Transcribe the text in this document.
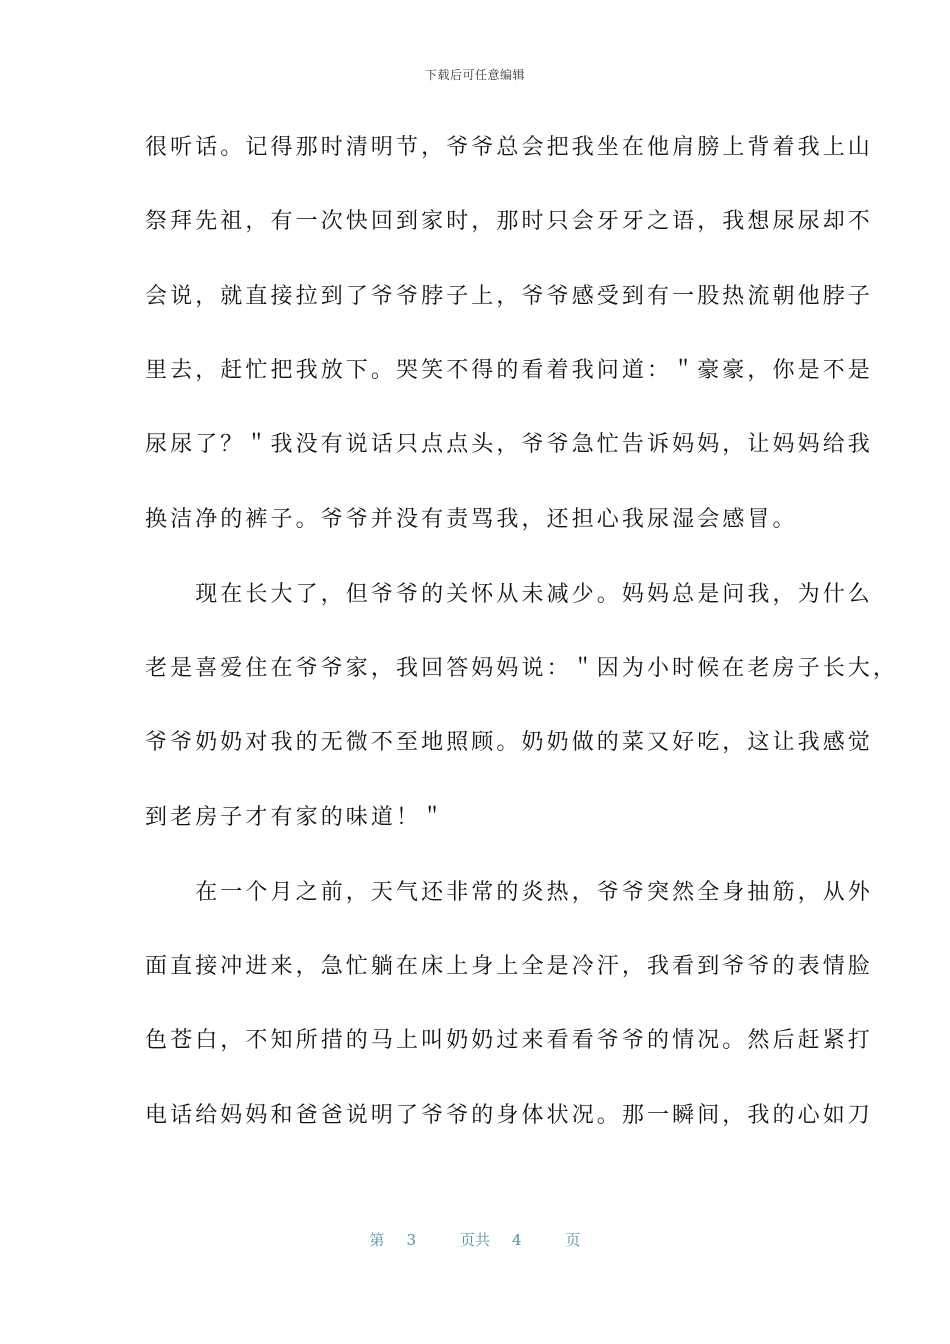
下载后可任意编辑
很听话。记得那时清明节，爷爷总会把我坐在他肩膀上背着我上山
祭拜先祖，有一次快回到家时，那时只会牙牙之语，我想尿尿却不
会说，就直接拉到了爷爷脖子上，爷爷感受到有一股热流朝他脖子
里去，赶忙把我放下。哭笑不得的看着我问道：＂豪豪，你是不是
尿尿了？＂我没有说话只点点头，爷爷急忙告诉妈妈，让妈妈给我
换洁净的裤子。爷爷并没有责骂我，还担心我尿湿会感冒。
　　现在长大了，但爷爷的关怀从未减少。妈妈总是问我，为什么
老是喜爱住在爷爷家，我回答妈妈说：＂因为小时候在老房子长大，
爷爷奶奶对我的无微不至地照顾。奶奶做的菜又好吃，这让我感觉
到老房子才有家的味道！＂
　　在一个月之前，天气还非常的炎热，爷爷突然全身抽筋，从外
面直接冲进来，急忙躺在床上身上全是冷汗，我看到爷爷的表情脸
色苍白，不知所措的马上叫奶奶过来看看爷爷的情况。然后赶紧打
电话给妈妈和爸爸说明了爷爷的身体状况。那一瞬间，我的心如刀
第 3	页共 4	页
